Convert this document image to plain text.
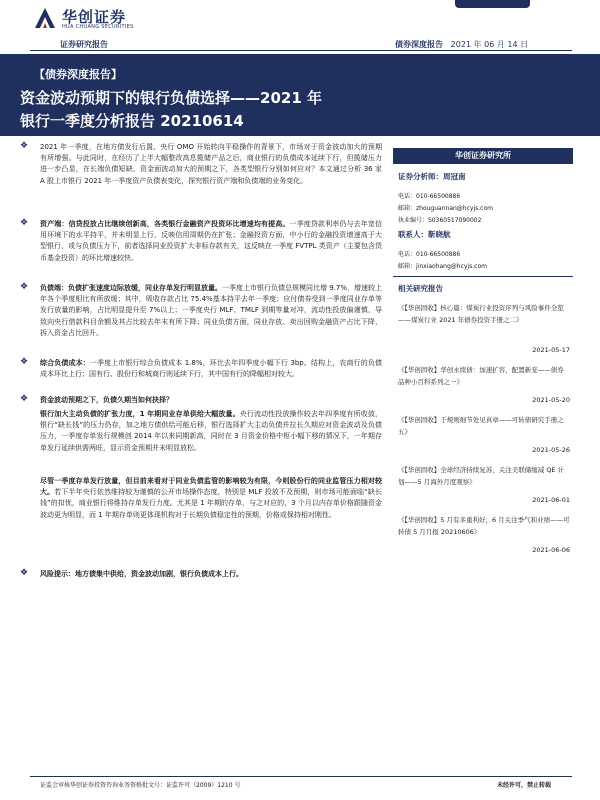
华创证券
HUA CHUANG SECURITIES
证券研究报告	债券深度报告 2021 年 06 月 14 日
【债券深度报告】
资金波动预期下的银行负债选择——2021 年
银行一季度分析报告 20210614
❖ 2021 年一季度，在地方债发行后置、央行 OMO 开始转向平稳操作的背景下，市场对于资金波动加大的预期有所增强。与此同时，在经历了上半大幅整改高息揽储产品之后，商业银行的负债成本延续下行，但揽储压力进一步凸显，在长端负债短缺、资金面波动加大的预期之下，各类型银行分别如何应对？本文通过分析 36 家 A 股上市银行 2021 年一季度资产负债表变化，探究银行资产端和负债端的业务变化。
❖ 资产端：信贷投放占比继续创新高，各类银行金融资产投资环比增速均有提高。一季度贷款利率仍与去年宽信用环境下的水平持平，并未明显上行，反映信用周期仍在扩张；金融投资方面，中小行的金融投资增速高于大型银行，或与负债压力下，前者选择同业投资扩大非标存款有关，这反映在一季度 FVTPL 类资产（主要包含货币基金投资）的环比增速较快。
❖ 负债端：负债扩张速度边际放缓，同业存单发行明显放量。一季度上市银行负债总规模同比增 9.7%，增速较上年各个季度相比有所放缓；其中，吸收存款占比 75.4%基本持平去年一季度；应付债券受到一季度同业存单等发行放量的影响，占比明显提升至 7%以上；一季度央行 MLF、TMLF 到期等量对冲，流动性投放偏谨慎，导致向央行借款科目余额及其占比较去年末有所下降；同业负债方面，同业存放、卖出回购金融资产占比下降，拆入资金占比回升。
❖ 综合负债成本：一季度上市银行综合负债成本 1.8%，环比去年四季度小幅下行 3bp。结构上，农商行的负债成本环比上行；国有行、股份行和城商行则延续下行，其中国有行的降幅相对较大。
❖ 资金波动预期之下，负债久期当如何抉择？
银行加大主动负债的扩张力度，1 年期同业存单供给大幅放量。央行流动性投放操作较去年四季度有所收敛，银行“缺长钱”的压力仍存，加之地方债供给可能后移，银行选择扩大主动负债并拉长久期应对资金波动及负债压力，一季度存单发行规模创 2014 年以来同期新高，同时在 3 月资金价格中枢小幅下移的情况下，一年期存单发行延续供需两旺，显示资金预期并未明显放松。
尽管一季度存单发行放量，但目前来看对于同业负债监管的影响较为有限，今则股份行的同业监管压力相对较大。若下半年央行依然维持较为谨慎的公开市场操作态度，特别是 MLF 投放不及预期，则市场可能面临“缺长钱”的扣忧，商业银行将维持存单发行力度。尤其是 1 年期的存单，与之对应的，3 个月以内存单价格跟随资金波动更为明显，而 1 年期存单则更体现机构对于长期负债稳定性的预期，价格或保持相对刚性。
❖ 风险提示：地方债集中供给，资金波动加剧，银行负债成本上行。
华创证券研究所
证券分析师：周冠南
电话：010-66500886
邮箱：zhouguannan@hcyjs.com
执业编号：S0360517090002
联系人：靳晓航
电话：010-66500886
邮箱：jinxiaohang@hcyjs.com
相关研究报告
《【华创固收】核心篇：煤炭行业投资序列与风险事件全览——煤炭行业 2021 年债券投资手册之二》
2021-05-17
《【华创固收】华创永续债：加速扩容，配置新宠——债券品种小百科系列之一》
2021-05-20
《【华创固收】于规则细节处见真章——可转债研究手册之五》
2021-05-26
《【华创固收】全球经济持续复苏，关注美联储缩减 QE 计划——5 月海外月度观察》
2021-06-01
《【华创固收】5 月有多重利好，6 月关注季气和业绩——可转债 5 月月报 20210606》
2021-06-06
证监会审核华创证券投资咨询业务资格批文号：证监许可（2009）1210 号	未经许可，禁止转载
